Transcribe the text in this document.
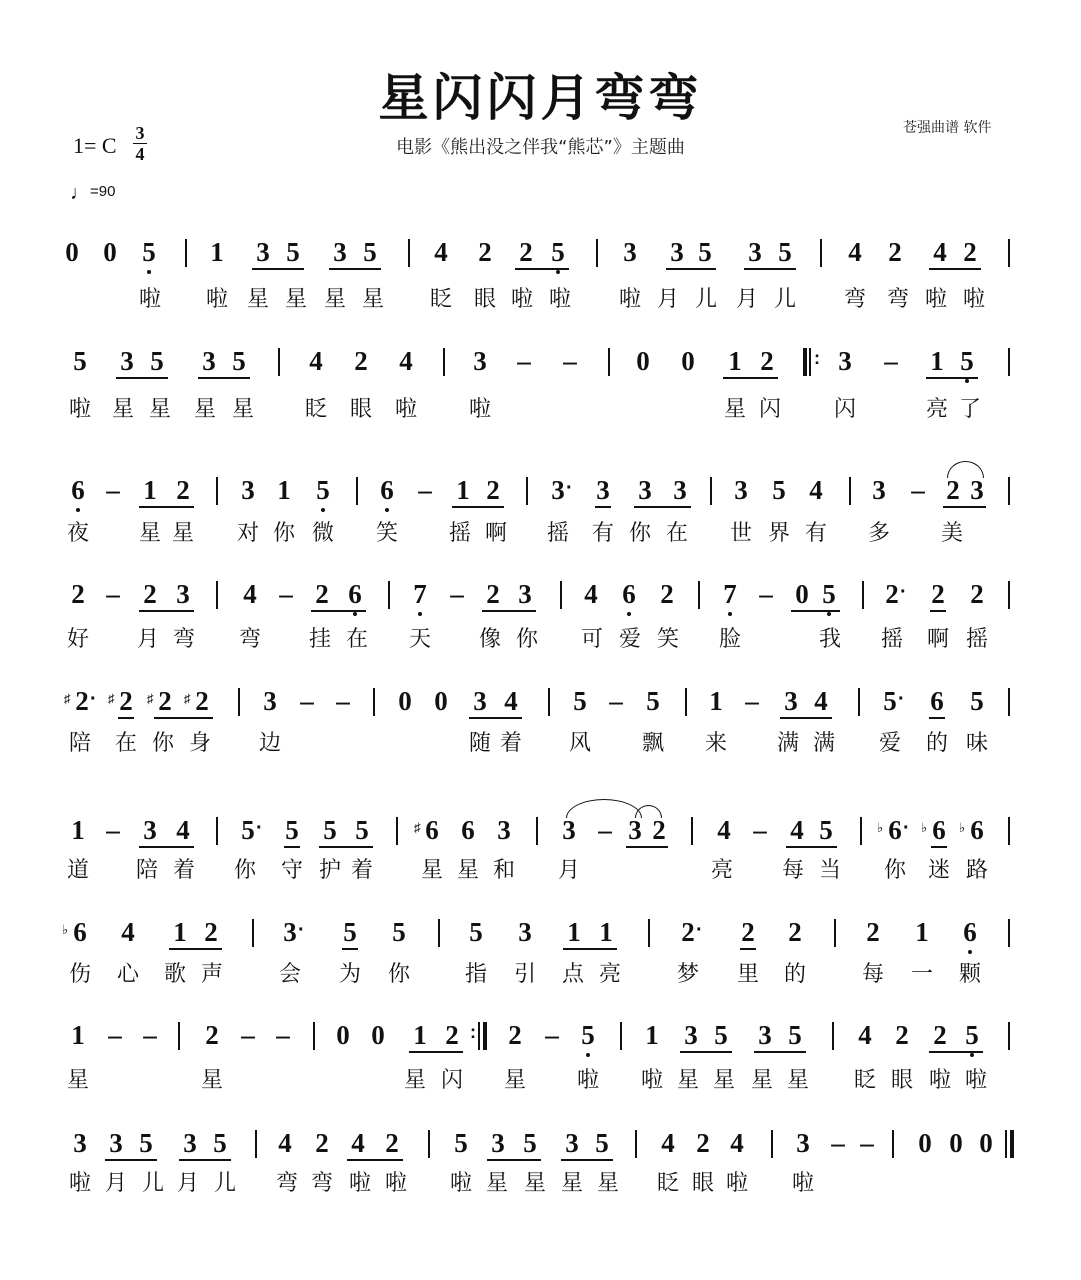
星闪闪月弯弯
电影《熊出没之伴我“熊芯”》主题曲
苍强曲谱 软件
1= C 3
4
♩=90
0 0 5 1 3 5 3 5 4 2 2 5 3 3 5 3 5 4 2 4 2
啦 啦 星 星 星 星 眨 眼 啦 啦 啦 月 儿 月 儿 弯 弯 啦 啦
5 3 5 3 5 4 2 4 3 – – 0 0 1 2 : 3 – 1 5
啦 星 星 星 星 眨 眼 啦 啦	星 闪 闪	亮 了
6 – 1 2 3 1 5 6 – 1 2 3 · 3 3 3 3 5 4 3 – 2 3
夜 星 星 对 你 微 笑 摇 啊 摇 有 你 在 世 界 有 多 美
2 – 2 3 4 – 2 6 7 – 2 3 4 6 2 7 – 0 5 2 · 2 2
好 月 弯 弯 挂 在 天 像 你 可 爱 笑 脸	我 摇 啊 摇
2
♯ · 2
♯ 2
♯ 2
♯	3 – – 0 0 3 4 5 – 5 1 – 3 4 5 · 6 5
陪 在 你 身 边	随 着 风 飘 来 满 满 爱 的 味
1 – 3 4 5 · 5 5 5 6
♯ 6 3 3 – 3 2 4 – 4 5 6
♭ · 6
♭ 6
♭
道 陪 着 你 守 护 着 星 星 和 月	亮 每 当 你 迷 路
6
♭ 4 1 2 3 · 5 5 5 3 1 1	2 · 2 2 2 1 6
伤 心 歌 声	会 为 你 指 引 点 亮	梦 里 的	每 一 颗
1 – – 2 – – 0 0 1 2 : 2 – 5 1 3 5 3 5 4 2 2 5
星	星	星 闪 星 啦 啦 星 星 星 星 眨 眼 啦 啦
3 3 5 3 5 4 2 4 2 5 3 5 3 5 4 2 4 3 – – 0 0 0
啦 月 儿 月 儿 弯 弯 啦 啦 啦 星 星 星 星 眨 眼 啦 啦
